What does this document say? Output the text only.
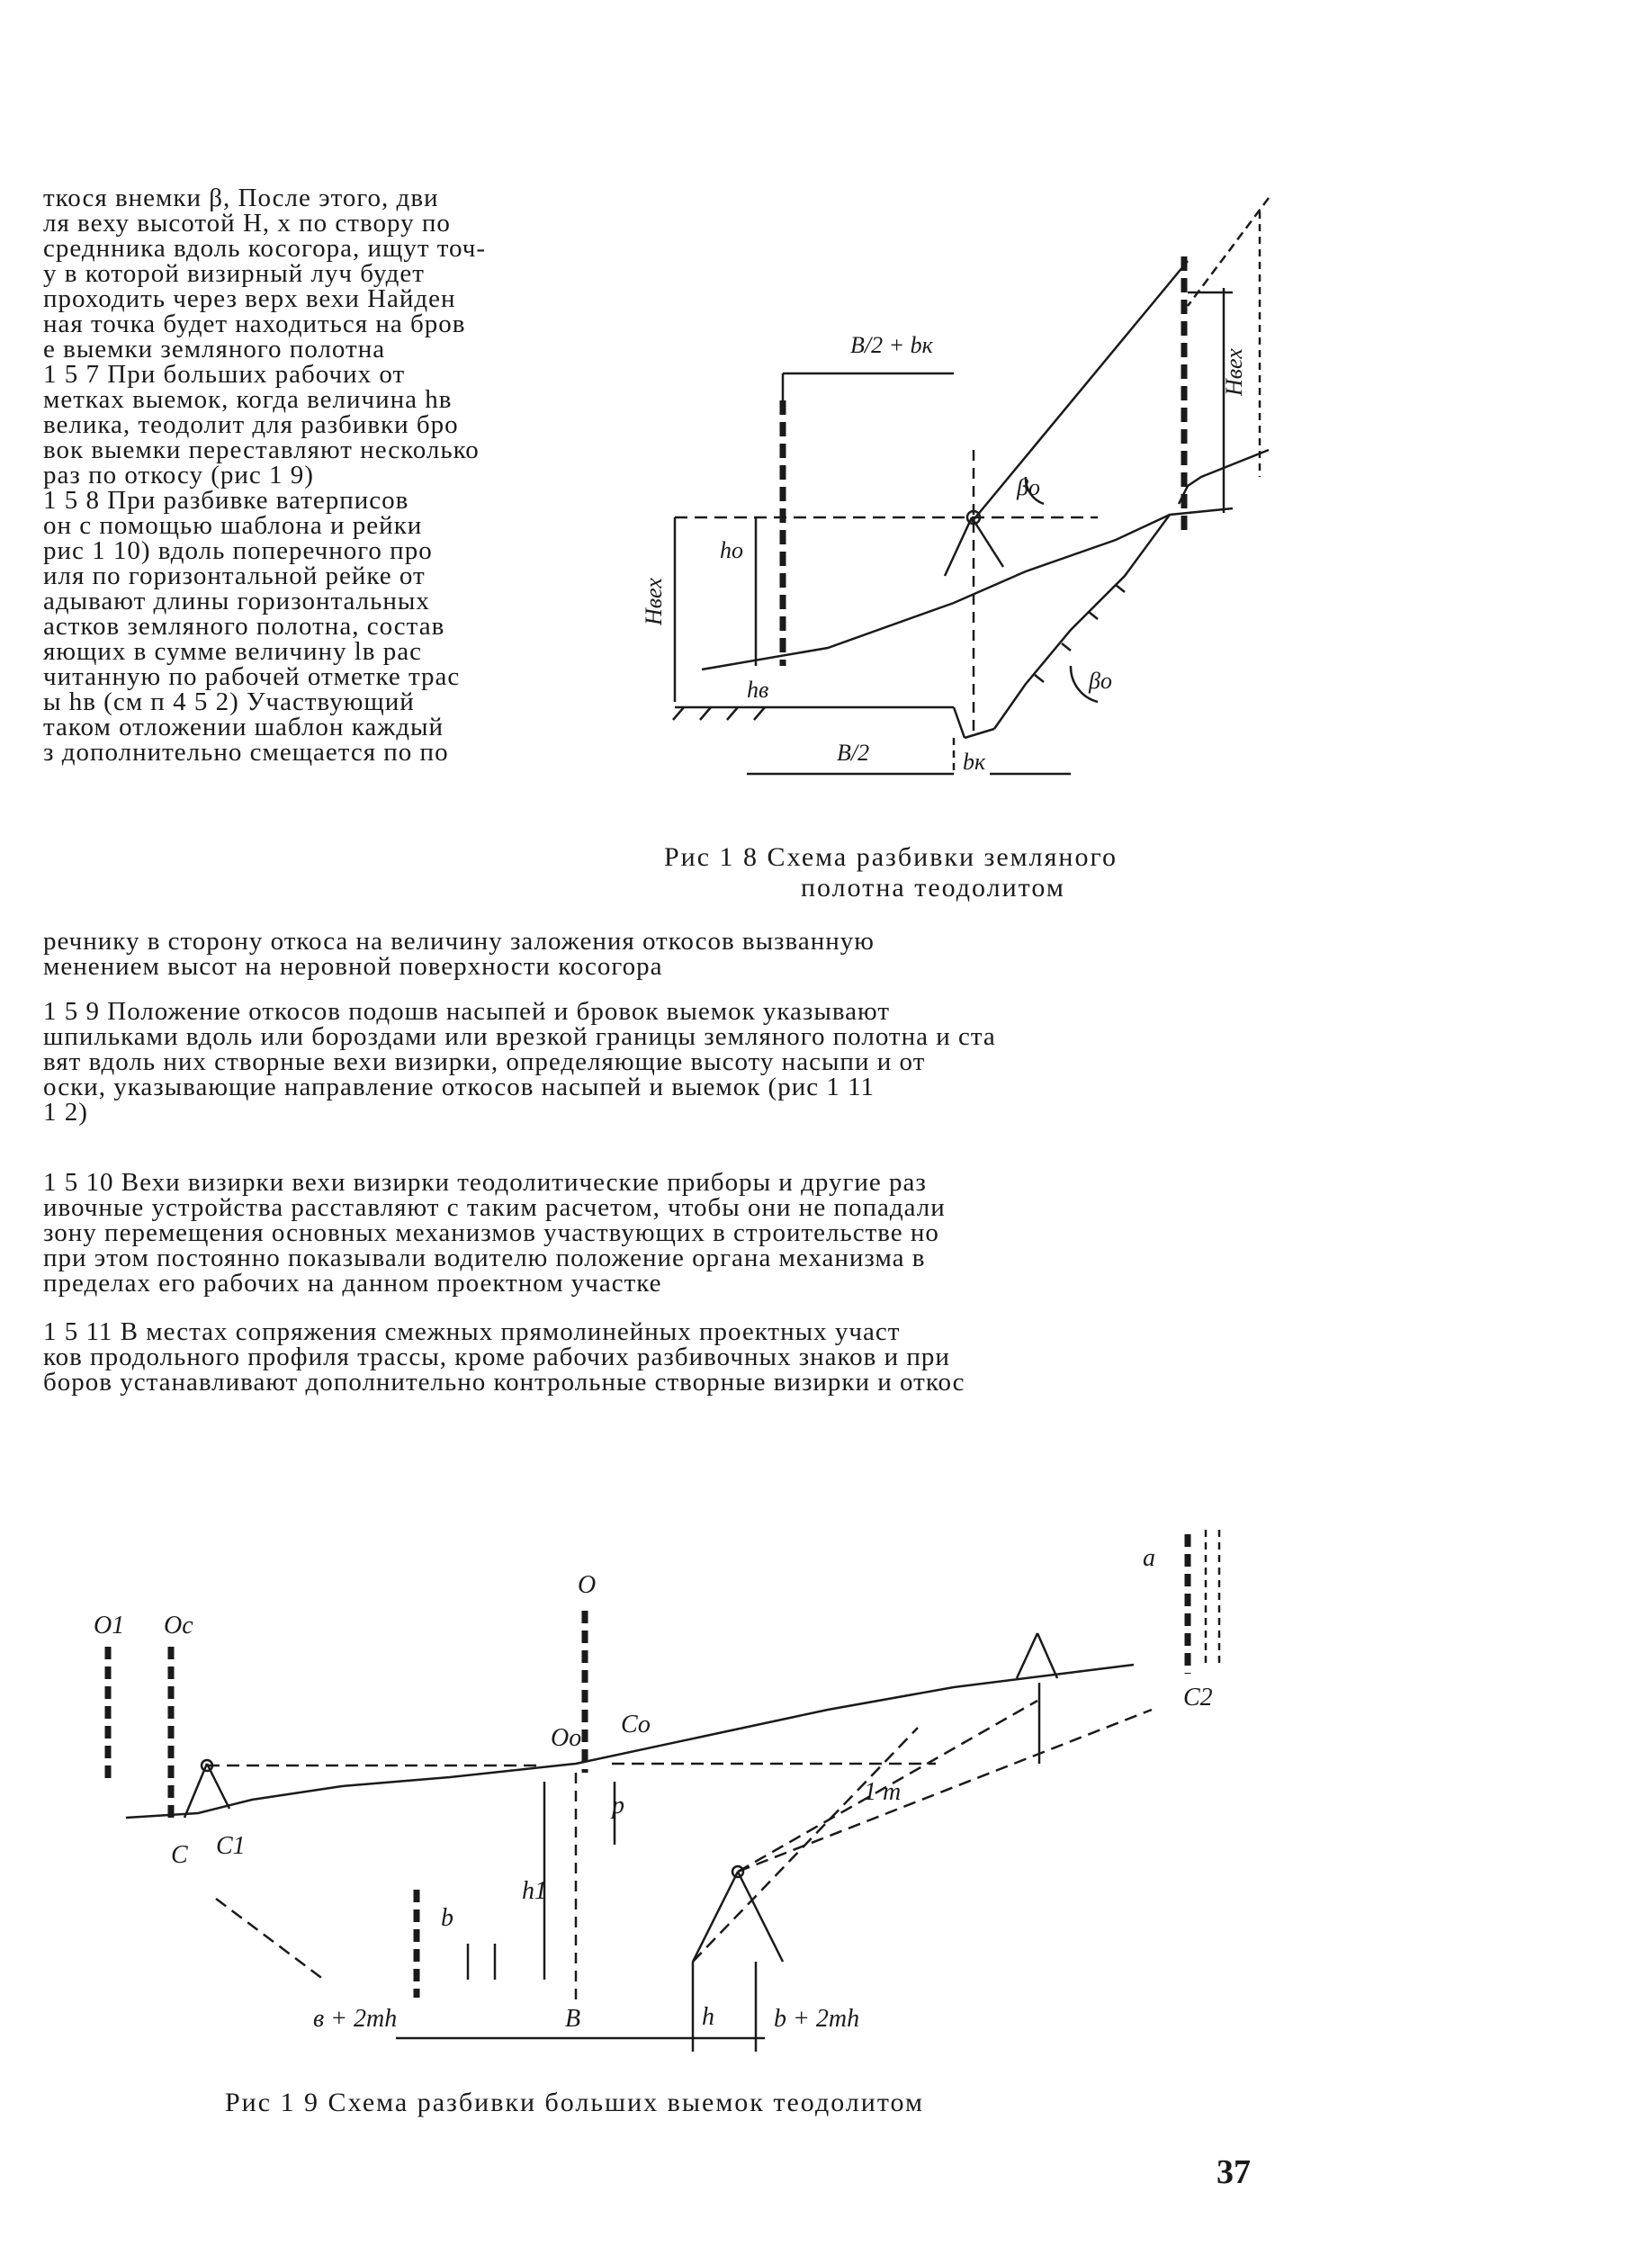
ткося внемки β, После этого, дви
ля веху высотой Н, х по створу по
среднника вдоль косогора, ищут точ-
у в которой визирный луч будет
проходить через верх вехи Найден
ная точка будет находиться на бров
е выемки земляного полотна
1 5 7 При больших рабочих от
метках выемок, когда величина hв
велика, теодолит для разбивки бро
вок выемки переставляют несколько
раз по откосу (рис 1 9)
1 5 8 При разбивке ватерписов
он с помощью шаблона и рейки
рис 1 10) вдоль поперечного про
иля по горизонтальной рейке от
адывают длины горизонтальных
астков земляного полотна, состав
яющих в сумме величину lв рас
читанную по рабочей отметке трас
ы hв (см п 4 5 2) Участвующий
таком отложении шаблон каждый
з дополнительно смещается по по
В/2 + bк
Нвех
βо
hо
Нвех
hв	βо
В/2	bк
Рис 1 8 Схема разбивки земляного
полотна теодолитом
речнику в сторону откоса на величину заложения откосов вызванную
менением высот на неровной поверхности косогора
1 5 9 Положение откосов подошв насыпей и бровок выемок указывают
шпильками вдоль или бороздами или врезкой границы земляного полотна и ста
вят вдоль них створные вехи визирки, определяющие высоту насыпи и от
оски, указывающие направление откосов насыпей и выемок (рис 1 11
1 2)
1 5 10 Вехи визирки вехи визирки теодолитические приборы и другие раз
ивочные устройства расставляют с таким расчетом, чтобы они не попадали
зону перемещения основных механизмов участвующих в строительстве но
при этом постоянно показывали водителю положение органа механизма в
пределах его рабочих на данном проектном участке
1 5 11 В местах сопряжения смежных прямолинейных проектных участ
ков продольного профиля трассы, кроме рабочих разбивочных знаков и при
боров устанавливают дополнительно контрольные створные визирки и откос
О1 Ос
О
Оо Со
С С1
С2
а
р
h1
b
1 m
В	h
в + 2mh	b + 2mh
Рис 1 9 Схема разбивки больших выемок теодолитом
37
